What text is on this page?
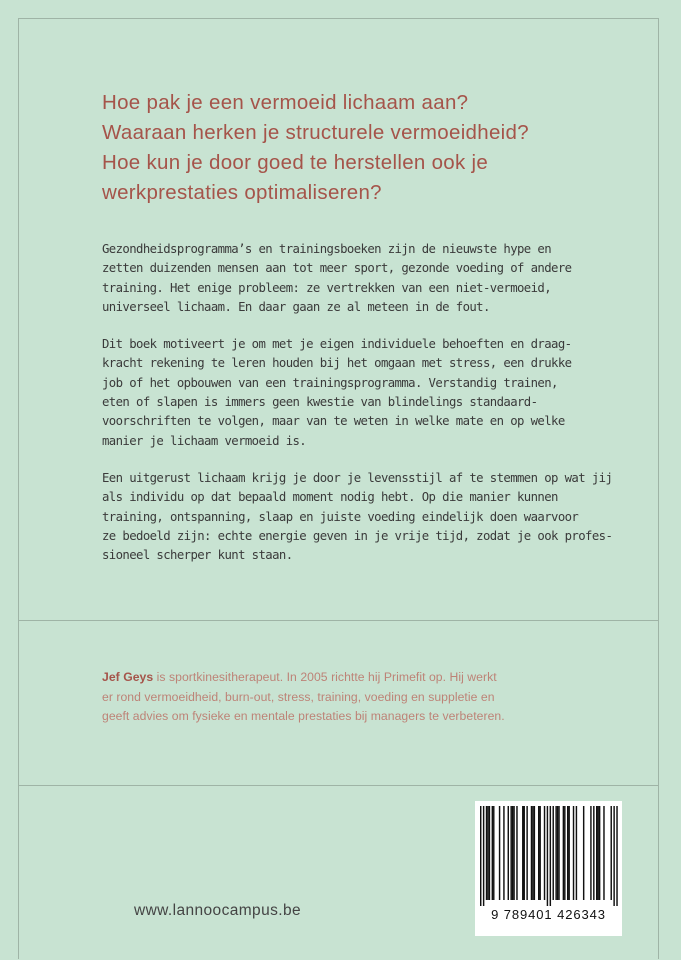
Hoe pak je een vermoeid lichaam aan?
Waaraan herken je structurele vermoeidheid?
Hoe kun je door goed te herstellen ook je
werkprestaties optimaliseren?

Gezondheidsprogramma’s en trainingsboeken zijn de nieuwste hype en
zetten duizenden mensen aan tot meer sport, gezonde voeding of andere
training. Het enige probleem: ze vertrekken van een niet-vermoeid,
universeel lichaam. En daar gaan ze al meteen in de fout.

Dit boek motiveert je om met je eigen individuele behoeften en draag-
kracht rekening te leren houden bij het omgaan met stress, een drukke
job of het opbouwen van een trainingsprogramma. Verstandig trainen,
eten of slapen is immers geen kwestie van blindelings standaard-
voorschriften te volgen, maar van te weten in welke mate en op welke
manier je lichaam vermoeid is.

Een uitgerust lichaam krijg je door je levensstijl af te stemmen op wat jij
als individu op dat bepaald moment nodig hebt. Op die manier kunnen
training, ontspanning, slaap en juiste voeding eindelijk doen waarvoor
ze bedoeld zijn: echte energie geven in je vrije tijd, zodat je ook profes-
sioneel scherper kunt staan.

Jef Geys is sportkinesitherapeut. In 2005 richtte hij Primefit op. Hij werkt
er rond vermoeidheid, burn-out, stress, training, voeding en suppletie en
geeft advies om fysieke en mentale prestaties bij managers te verbeteren.
www.lannoocampus.be	9 789401 426343
